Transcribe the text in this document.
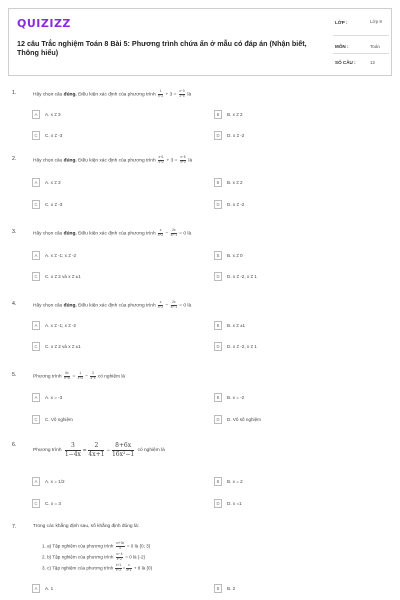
QUIZIZZ
12 câu Trắc nghiệm Toán 8 Bài 5: Phương trình chứa ẩn ở mẫu có đáp án (Nhận biết, Thông hiểu)
LỚP :	Lớp 8
MÔN :	Toán
SỐ CÂU :	12
1.	Hãy chọn câu đúng. Điều kiện xác định của phương trình $\frac{1}{x-2} + 3 = \frac{x-3}{2-x}$ là
A	A. x ≠ 3	B	B. x ≠ 2
C	C. x ≠ -3	D	D. x ≠ -2
2.	Hãy chọn câu đúng. Điều kiện xác định của phương trình $\frac{x+1}{x+2} + 3 = \frac{x-5}{x+3}$ là
A	A. x ≠ 3	B	B. x ≠ 2
C	C. x ≠ -3	D	D. x ≠ -2
3.	Hãy chọn câu đúng. Điều kiện xác định của phương trình $\frac{x}{x+2} - \frac{2x}{\text{x²−1}} = 0$ là
A	A. x ≠ -1; x ≠ -2	B	B. x ≠ 0
C	C. x ≠ 2 và x ≠ ±1	D	D. x ≠ -2, x ≠ 1
4.	Hãy chọn câu đúng. Điều kiện xác định của phương trình $\frac{x}{x-2} - \frac{2x}{\text{x²−1}} = 0$ là
A	A. x ≠ -1; x ≠ -2	B	B. x ≠ ±1
C	C. x ≠ 2 và x ≠ ±1	D	D. x ≠ -2, x ≠ 1
5.	Phương trình $\frac{6x}{\text{9−x²}} = \frac{1}{x+3} - \frac{3}{3-x}$ có nghiệm là
A	A. x = -3	B	B. x = -2
C	C. Vô nghiệm	D	D. Vô số nghiệm
6.
Phương trình $\frac{3}{1-4x} = \frac{2}{4x+1} - \frac{8+6x}{\text{16x²−1}}$ có nghiệm là
A	A. x = 1/2	B	B. x = 2
C	C. x = 3	D	D. x =1
7.	Trong các khẳng định sau, số khẳng định đúng là:
1. a) Tập nghiệm của phương trình $\frac{\text{x²+3x}}{x} = 0$ là {0; 3}
2. b) Tập nghiệm của phương trình $\frac{\text{x²−4}}{x-2} = 0$ là {-2}
3. c) Tập nghiệm của phương trình $\frac{x+1}{x-2} = \frac{x}{x+1} + 8$ là {0}
A	A. 1	B	B. 2
